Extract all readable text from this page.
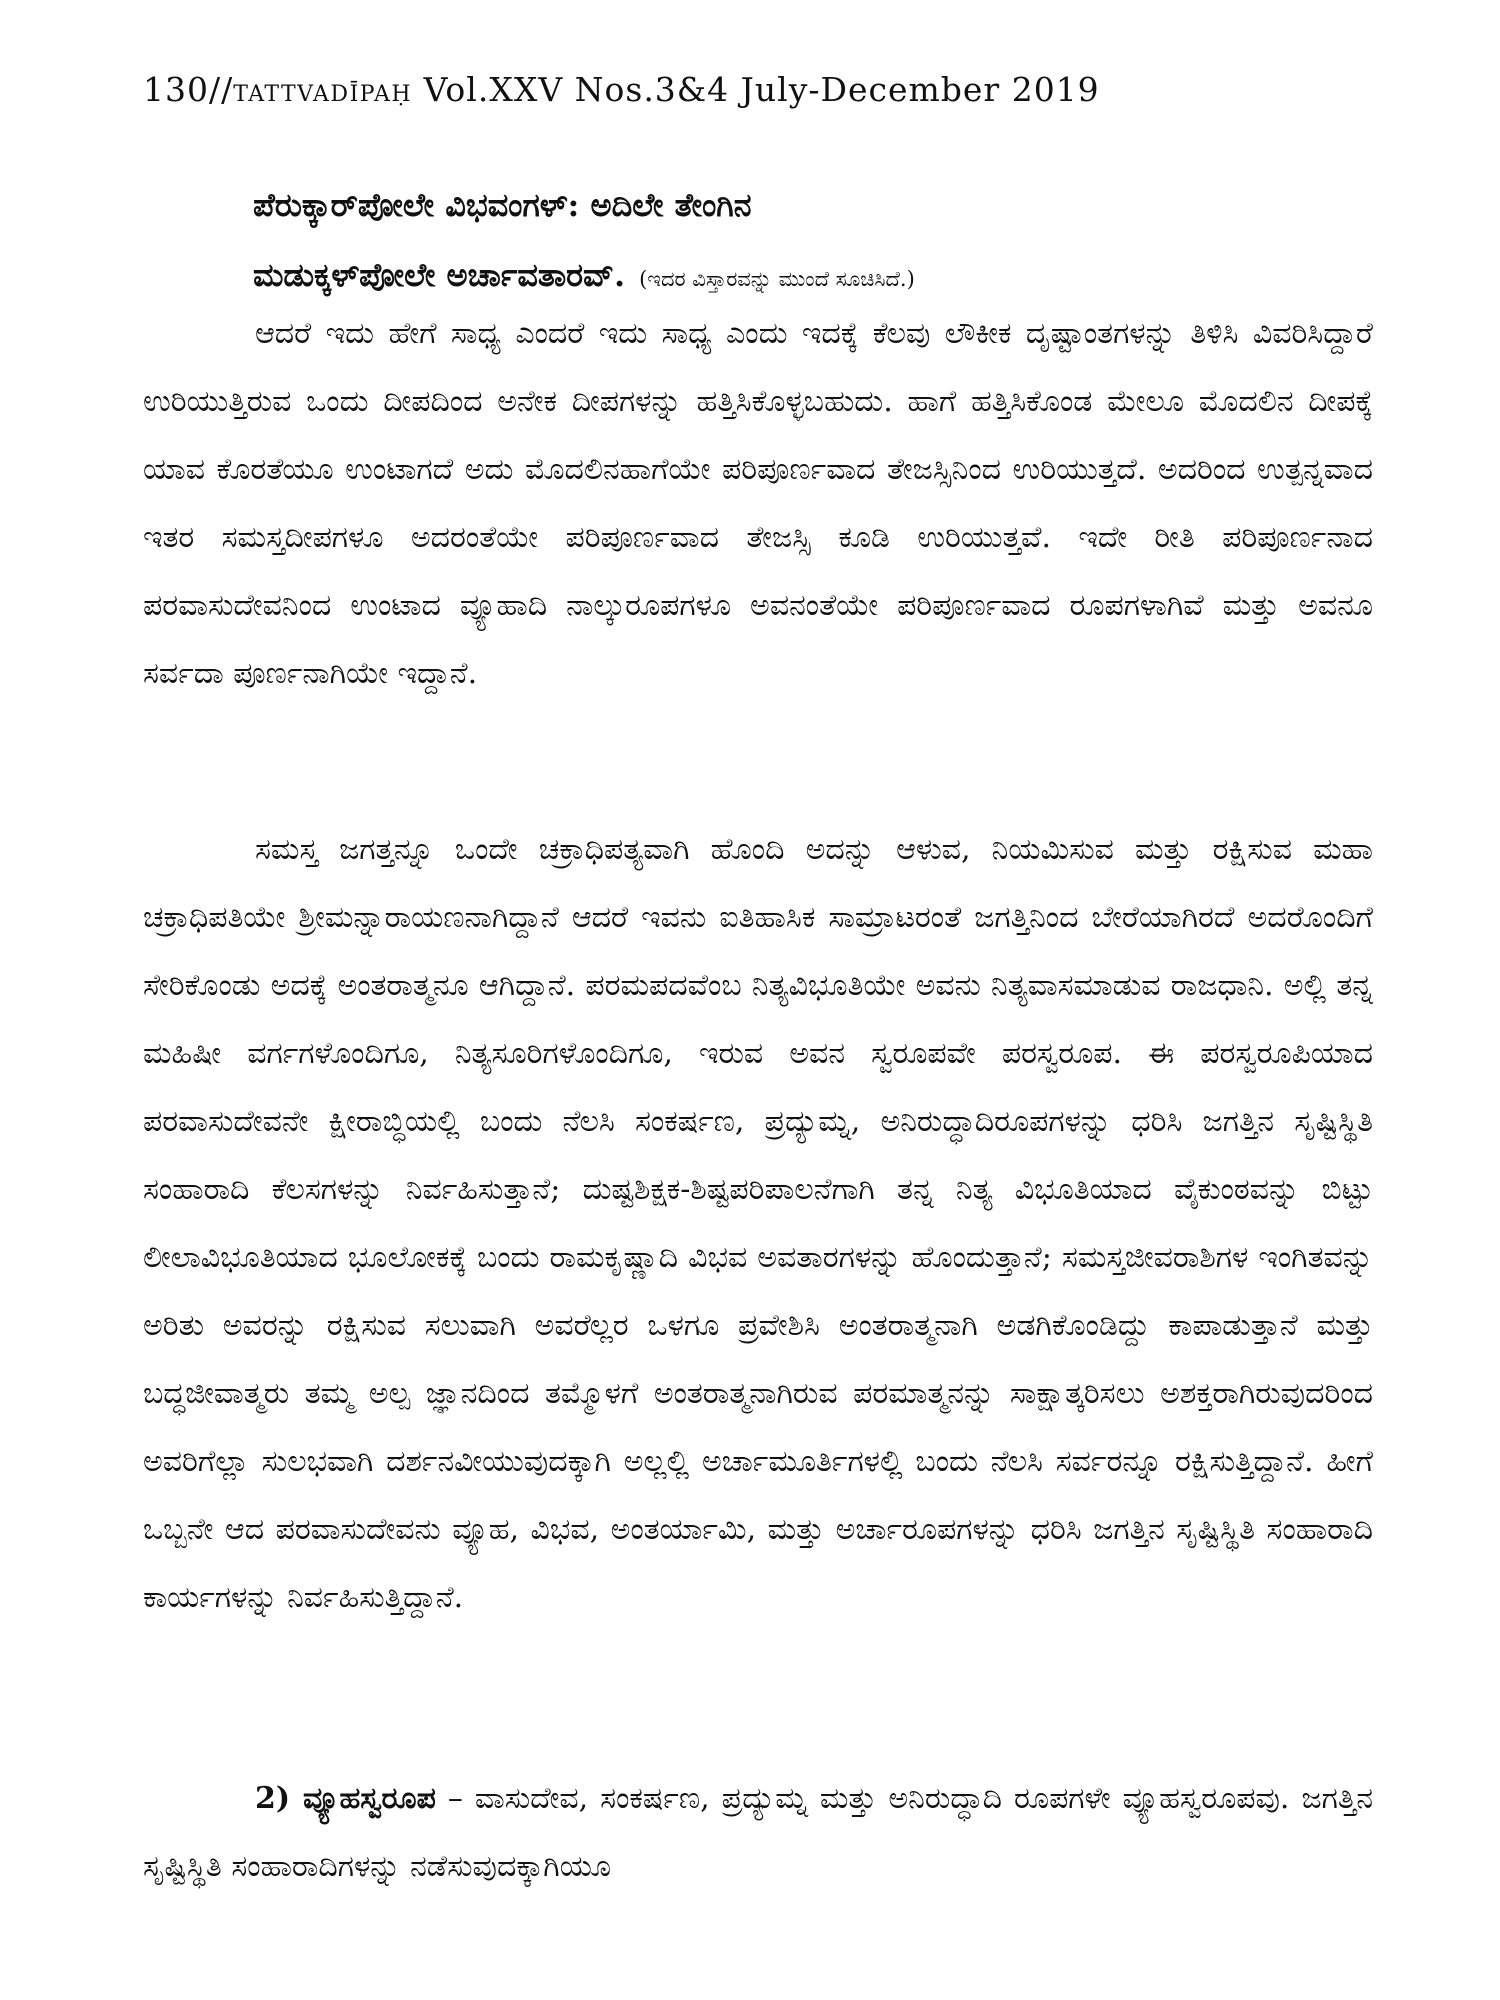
130//TATTVADĪPAḤ Vol.XXV Nos.3&4 July-December 2019
ಪೆರುಕ್ಕಾರ್‌ಪೋಲೇ ವಿಭವಂಗಳ್: ಅದಿಲೇ ತೇಂಗಿನ
ಮಡುಕ್ಕಳ್‌ಪೋಲೇ ಅರ್ಚಾವತಾರವ್. (ಇದರ ವಿಸ್ತಾರವನ್ನು ಮುಂದೆ ಸೂಚಿಸಿದೆ.)

ಆದರೆ ಇದು ಹೇಗೆ ಸಾಧ್ಯ ಎಂದರೆ ಇದು ಸಾಧ್ಯ ಎಂದು ಇದಕ್ಕೆ ಕೆಲವು ಲೌಕೀಕ ದೃಷ್ಟಾಂತಗಳನ್ನು ತಿಳಿಸಿ ವಿವರಿಸಿದ್ದಾರೆ ಉರಿಯುತ್ತಿರುವ ಒಂದು ದೀಪದಿಂದ ಅನೇಕ ದೀಪಗಳನ್ನು ಹತ್ತಿಸಿಕೊಳ್ಳಬಹುದು. ಹಾಗೆ ಹತ್ತಿಸಿಕೊಂಡ ಮೇಲೂ ಮೊದಲಿನ ದೀಪಕ್ಕೆ ಯಾವ ಕೊರತೆಯೂ ಉಂಟಾಗದೆ ಅದು ಮೊದಲಿನಹಾಗೆಯೇ ಪರಿಪೂರ್ಣವಾದ ತೇಜಸ್ಸಿನಿಂದ ಉರಿಯುತ್ತದೆ. ಅದರಿಂದ ಉತ್ಪನ್ನವಾದ ಇತರ ಸಮಸ್ತದೀಪಗಳೂ ಅದರಂತೆಯೇ ಪರಿಪೂರ್ಣವಾದ ತೇಜಸ್ಸಿ ಕೂಡಿ ಉರಿಯುತ್ತವೆ. ಇದೇ ರೀತಿ ಪರಿಪೂರ್ಣನಾದ ಪರವಾಸುದೇವನಿಂದ ಉಂಟಾದ ವ್ಯೂಹಾದಿ ನಾಲ್ಕುರೂಪಗಳೂ ಅವನಂತೆಯೇ ಪರಿಪೂರ್ಣವಾದ ರೂಪಗಳಾಗಿವೆ ಮತ್ತು ಅವನೂ ಸರ್ವದಾ ಪೂರ್ಣನಾಗಿಯೇ ಇದ್ದಾನೆ.

ಸಮಸ್ತ ಜಗತ್ತನ್ನೂ ಒಂದೇ ಚಕ್ರಾಧಿಪತ್ಯವಾಗಿ ಹೊಂದಿ ಅದನ್ನು ಆಳುವ, ನಿಯಮಿಸುವ ಮತ್ತು ರಕ್ಷಿಸುವ ಮಹಾ ಚಕ್ರಾಧಿಪತಿಯೇ ಶ್ರೀಮನ್ನಾರಾಯಣನಾಗಿದ್ದಾನೆ ಆದರೆ ಇವನು ಐತಿಹಾಸಿಕ ಸಾಮ್ರಾಟರಂತೆ ಜಗತ್ತಿನಿಂದ ಬೇರೆಯಾಗಿರದೆ ಅದರೊಂದಿಗೆ ಸೇರಿಕೊಂಡು ಅದಕ್ಕೆ ಅಂತರಾತ್ಮನೂ ಆಗಿದ್ದಾನೆ. ಪರಮಪದವೆಂಬ ನಿತ್ಯವಿಭೂತಿಯೇ ಅವನು ನಿತ್ಯವಾಸಮಾಡುವ ರಾಜಧಾನಿ. ಅಲ್ಲಿ ತನ್ನ ಮಹಿಷೀ ವರ್ಗಗಳೊಂದಿಗೂ, ನಿತ್ಯಸೂರಿಗಳೊಂದಿಗೂ, ಇರುವ ಅವನ ಸ್ವರೂಪವೇ ಪರಸ್ವರೂಪ. ಈ ಪರಸ್ವರೂಪಿಯಾದ ಪರವಾಸುದೇವನೇ ಕ್ಷೀರಾಬ್ಧಿಯಲ್ಲಿ ಬಂದು ನೆಲಸಿ ಸಂಕರ್ಷಣ, ಪ್ರದ್ಯುಮ್ನ, ಅನಿರುದ್ಧಾದಿರೂಪಗಳನ್ನು ಧರಿಸಿ ಜಗತ್ತಿನ ಸೃಷ್ಟಿಸ್ಥಿತಿ ಸಂಹಾರಾದಿ ಕೆಲಸಗಳನ್ನು ನಿರ್ವಹಿಸುತ್ತಾನೆ; ದುಷ್ಟಶಿಕ್ಷಕ-ಶಿಷ್ಟಪರಿಪಾಲನೆಗಾಗಿ ತನ್ನ ನಿತ್ಯ ವಿಭೂತಿಯಾದ ವೈಕುಂಠವನ್ನು ಬಿಟ್ಟು ಲೀಲಾವಿಭೂತಿಯಾದ ಭೂಲೋಕಕ್ಕೆ ಬಂದು ರಾಮಕೃಷ್ಣಾದಿ ವಿಭವ ಅವತಾರಗಳನ್ನು ಹೊಂದುತ್ತಾನೆ; ಸಮಸ್ತಜೀವರಾಶಿಗಳ ಇಂಗಿತವನ್ನು ಅರಿತು ಅವರನ್ನು ರಕ್ಷಿಸುವ ಸಲುವಾಗಿ ಅವರೆಲ್ಲರ ಒಳಗೂ ಪ್ರವೇಶಿಸಿ ಅಂತರಾತ್ಮನಾಗಿ ಅಡಗಿಕೊಂಡಿದ್ದು ಕಾಪಾಡುತ್ತಾನೆ ಮತ್ತು ಬದ್ಧಜೀವಾತ್ಮರು ತಮ್ಮ ಅಲ್ಪ ಜ್ಞಾನದಿಂದ ತಮ್ಮೊಳಗೆ ಅಂತರಾತ್ಮನಾಗಿರುವ ಪರಮಾತ್ಮನನ್ನು ಸಾಕ್ಷಾತ್ಕರಿಸಲು ಅಶಕ್ತರಾಗಿರುವುದರಿಂದ ಅವರಿಗೆಲ್ಲಾ ಸುಲಭವಾಗಿ ದರ್ಶನವೀಯುವುದಕ್ಕಾಗಿ ಅಲ್ಲಲ್ಲಿ ಅರ್ಚಾಮೂರ್ತಿಗಳಲ್ಲಿ ಬಂದು ನೆಲಸಿ ಸರ್ವರನ್ನೂ ರಕ್ಷಿಸುತ್ತಿದ್ದಾನೆ. ಹೀಗೆ ಒಬ್ಬನೇ ಆದ ಪರವಾಸುದೇವನು ವ್ಯೂಹ, ವಿಭವ, ಅಂತರ್ಯಾಮಿ, ಮತ್ತು ಅರ್ಚಾರೂಪಗಳನ್ನು ಧರಿಸಿ ಜಗತ್ತಿನ ಸೃಷ್ಟಿಸ್ಥಿತಿ ಸಂಹಾರಾದಿ ಕಾರ್ಯಗಳನ್ನು ನಿರ್ವಹಿಸುತ್ತಿದ್ದಾನೆ.

2) ವ್ಯೂಹಸ್ವರೂಪ – ವಾಸುದೇವ, ಸಂಕರ್ಷಣ, ಪ್ರದ್ಯುಮ್ನ ಮತ್ತು ಅನಿರುದ್ಧಾದಿ ರೂಪಗಳೇ ವ್ಯೂಹಸ್ವರೂಪವು. ಜಗತ್ತಿನ ಸೃಷ್ಟಿಸ್ಥಿತಿ ಸಂಹಾರಾದಿಗಳನ್ನು ನಡೆಸುವುದಕ್ಕಾಗಿಯೂ
